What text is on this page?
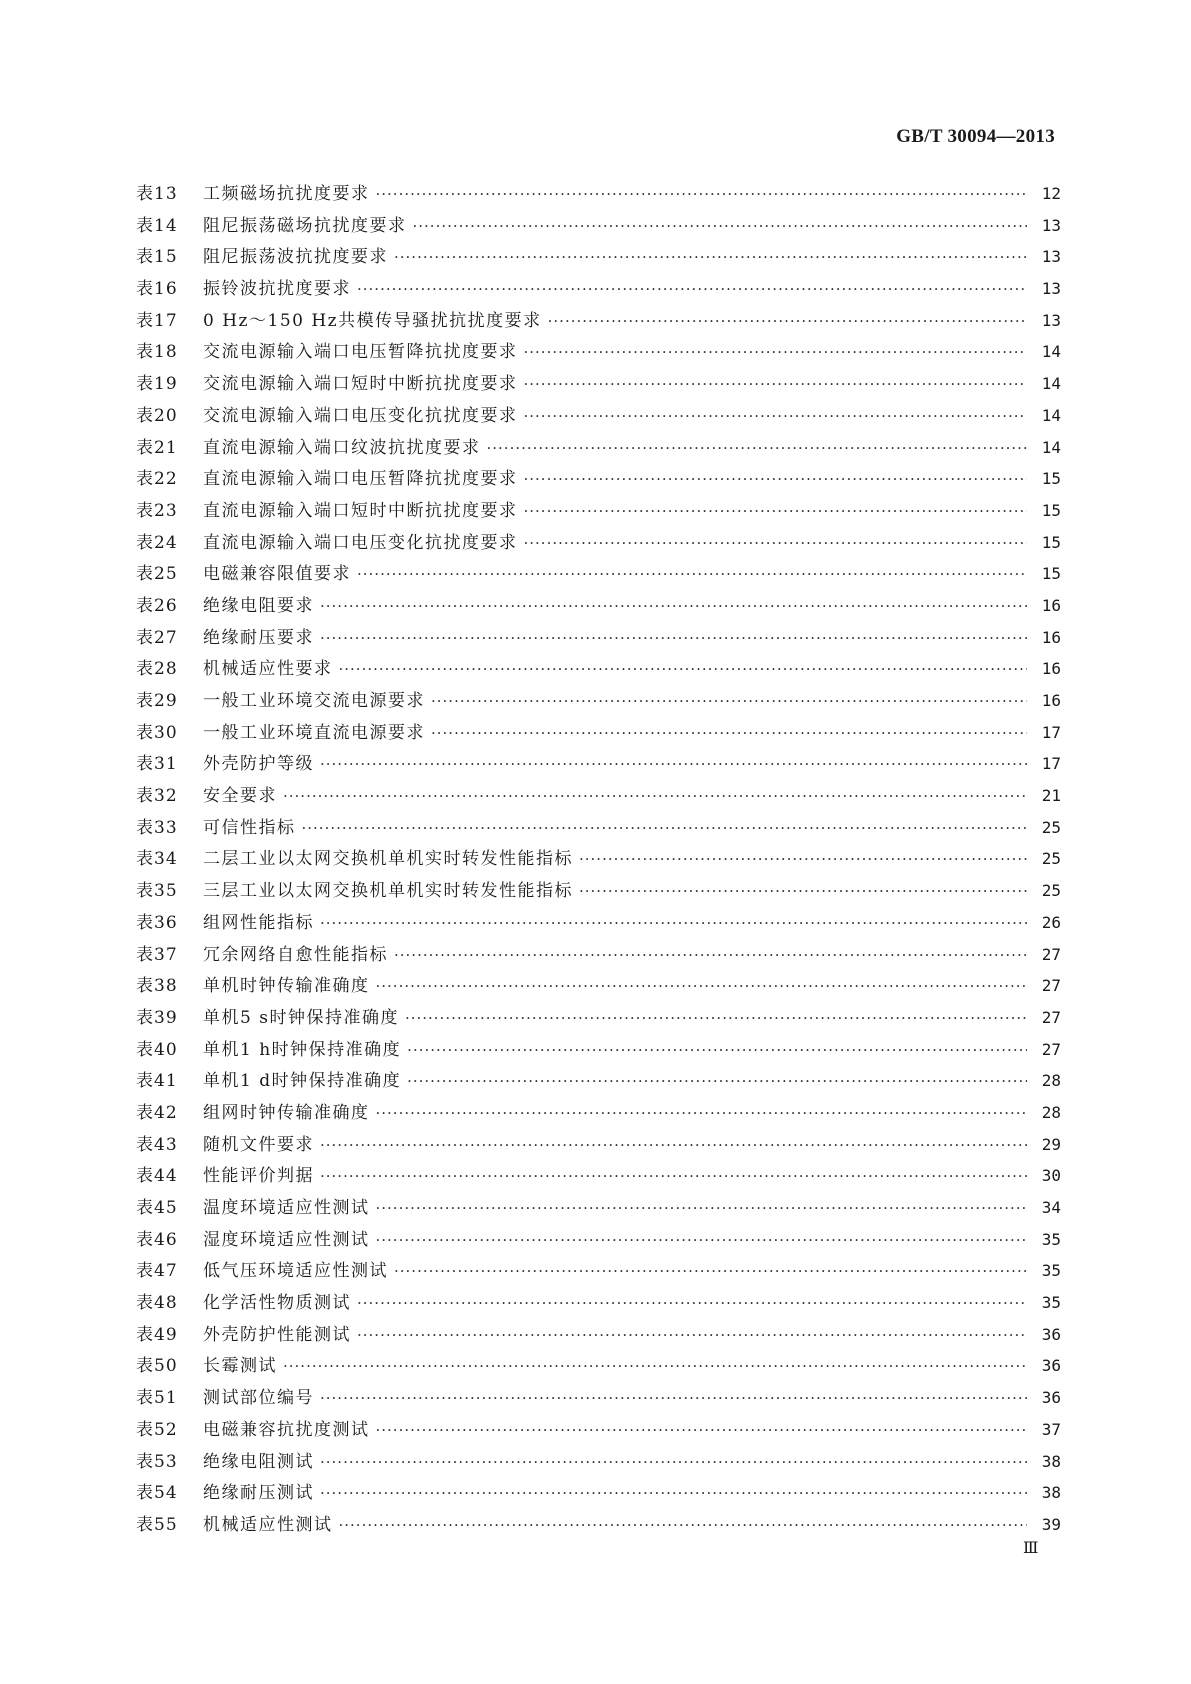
GB/T 30094—2013
表13	工频磁场抗扰度要求 ·····	12
表14	阻尼振荡磁场抗扰度要求 ·····	13
表15	阻尼振荡波抗扰度要求 ·····	13
表16	振铃波抗扰度要求 ·····	13
表17	0 Hz～150 Hz共模传导骚扰抗扰度要求 ·····	13
表18	交流电源输入端口电压暂降抗扰度要求 ·····	14
表19	交流电源输入端口短时中断抗扰度要求 ·····	14
表20	交流电源输入端口电压变化抗扰度要求 ·····	14
表21	直流电源输入端口纹波抗扰度要求 ·····	14
表22	直流电源输入端口电压暂降抗扰度要求 ·····	15
表23	直流电源输入端口短时中断抗扰度要求 ·····	15
表24	直流电源输入端口电压变化抗扰度要求 ·····	15
表25	电磁兼容限值要求 ·····	15
表26	绝缘电阻要求 ·····	16
表27	绝缘耐压要求 ·····	16
表28	机械适应性要求 ·····	16
表29	一般工业环境交流电源要求 ·····	16
表30	一般工业环境直流电源要求 ·····	17
表31	外壳防护等级 ·····	17
表32	安全要求 ·····	21
表33	可信性指标 ·····	25
表34	二层工业以太网交换机单机实时转发性能指标 ·····	25
表35	三层工业以太网交换机单机实时转发性能指标 ·····	25
表36	组网性能指标 ·····	26
表37	冗余网络自愈性能指标 ·····	27
表38	单机时钟传输准确度 ·····	27
表39	单机5 s时钟保持准确度 ·····	27
表40	单机1 h时钟保持准确度 ·····	27
表41	单机1 d时钟保持准确度 ·····	28
表42	组网时钟传输准确度 ·····	28
表43	随机文件要求 ·····	29
表44	性能评价判据 ·····	30
表45	温度环境适应性测试 ·····	34
表46	湿度环境适应性测试 ·····	35
表47	低气压环境适应性测试 ·····	35
表48	化学活性物质测试 ·····	35
表49	外壳防护性能测试 ·····	36
表50	长霉测试 ·····	36
表51	测试部位编号 ·····	36
表52	电磁兼容抗扰度测试 ·····	37
表53	绝缘电阻测试 ·····	38
表54	绝缘耐压测试 ·····	38
表55	机械适应性测试 ·····	39
Ⅲ
